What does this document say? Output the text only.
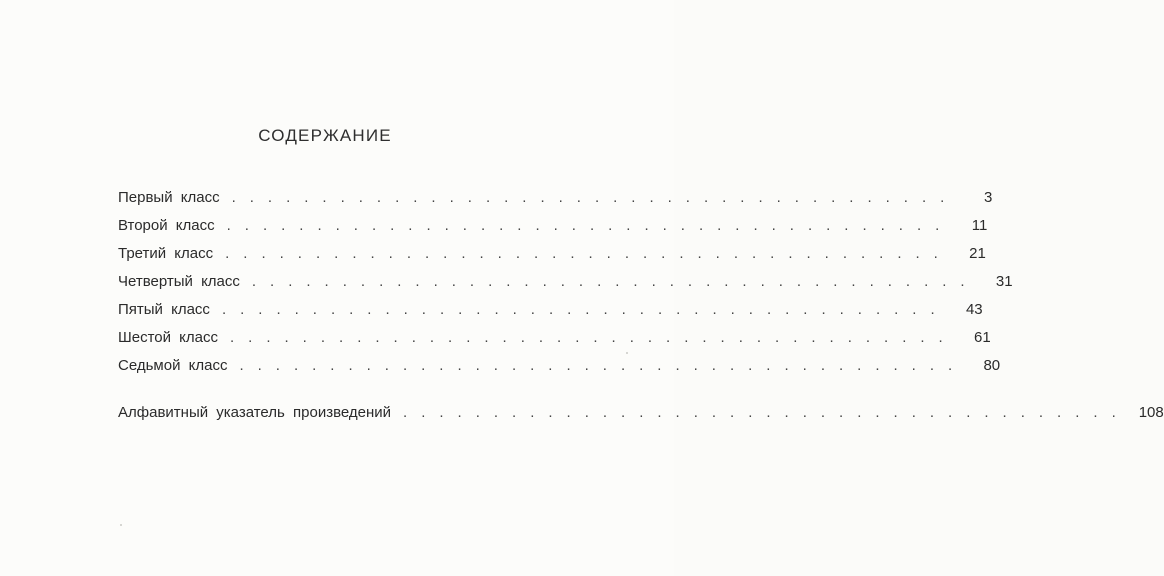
СОДЕРЖАНИЕ
Первый класс ........................................	3
Второй класс ........................................	11
Третий класс ........................................	21
Четвертый класс ........................................	31
Пятый класс ........................................	43
Шестой класс ........................................	61
Седьмой класс ........................................	80
Алфавитный указатель произведений ........................................ 108
